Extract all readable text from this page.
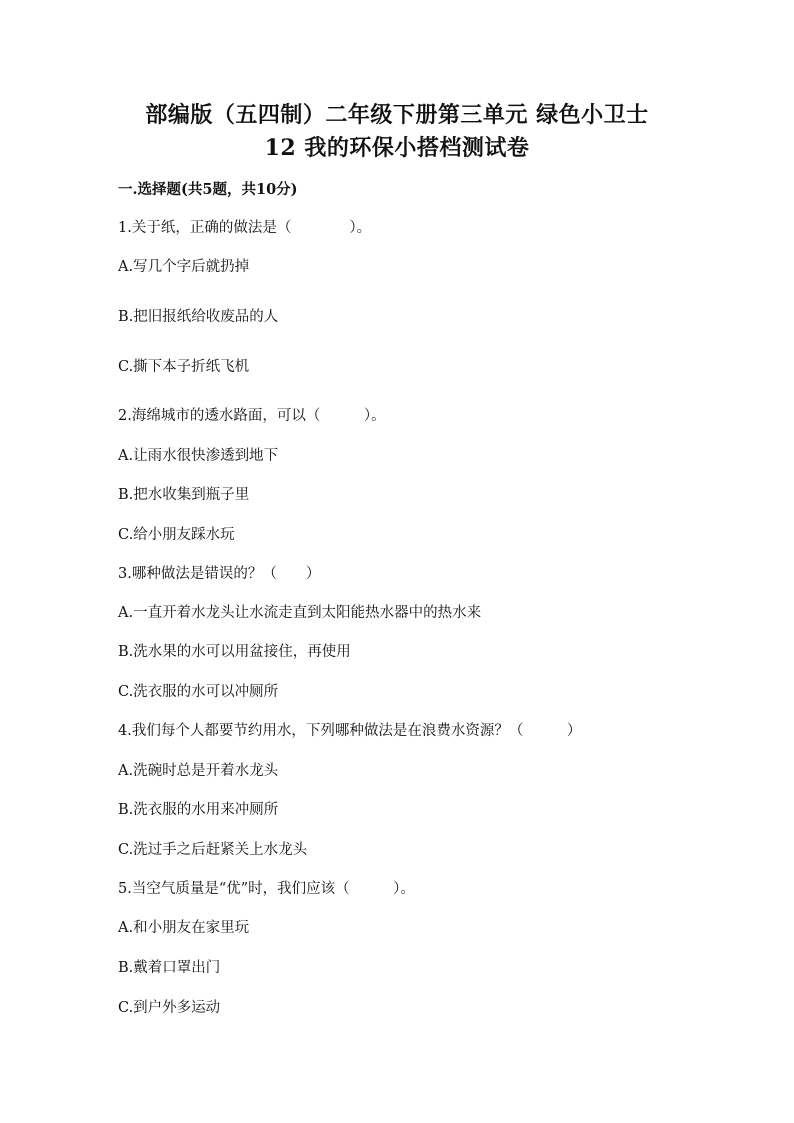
部编版（五四制）二年级下册第三单元 绿色小卫士
12 我的环保小搭档测试卷
一.选择题(共5题，共10分)
1.关于纸，正确的做法是（　　　　）。
A.写几个字后就扔掉
B.把旧报纸给收废品的人
C.撕下本子折纸飞机
2.海绵城市的透水路面，可以（　　　）。
A.让雨水很快渗透到地下
B.把水收集到瓶子里
C.给小朋友踩水玩
3.哪种做法是错误的？（　　）
A.一直开着水龙头让水流走直到太阳能热水器中的热水来
B.洗水果的水可以用盆接住，再使用
C.洗衣服的水可以冲厕所
4.我们每个人都要节约用水，下列哪种做法是在浪费水资源？（　　　）
A.洗碗时总是开着水龙头
B.洗衣服的水用来冲厕所
C.洗过手之后赶紧关上水龙头
5.当空气质量是“优”时，我们应该（　　　）。
A.和小朋友在家里玩
B.戴着口罩出门
C.到户外多运动
